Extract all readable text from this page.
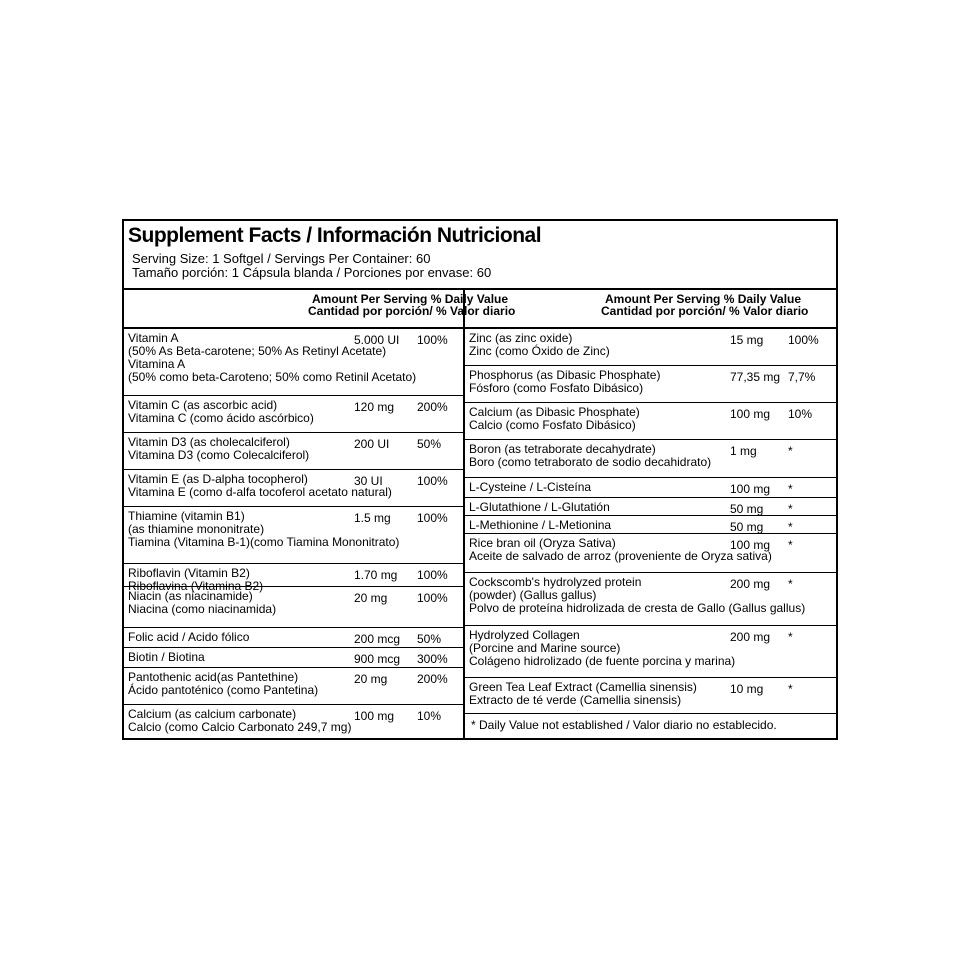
Supplement Facts / Información Nutricional
Serving Size: 1 Softgel / Servings Per Container: 60
Tamaño porción: 1 Cápsula blanda / Porciones por envase: 60
Amount Per Serving % Daily Value
Cantidad por porción/ % Valor diario
Vitamin A
(50% As Beta-carotene; 50% As Retinyl Acetate)
Vitamina A
(50% como beta-Caroteno; 50% como Retinil Acetato)
5.000 UI 100%
Vitamin C (as ascorbic acid)
Vitamina C (como ácido ascórbico)
120 mg 200%
Vitamin D3 (as cholecalciferol)
Vitamina D3 (como Colecalciferol)
200 UI 50%
Vitamin E (as D-alpha tocopherol)
Vitamina E (como d-alfa tocoferol acetato natural)
30 UI	100%
Thiamine (vitamin B1)
(as thiamine mononitrate)
Tiamina (Vitamina B-1)(como Tiamina Mononitrato)
1.5 mg 100%
Riboflavin (Vitamin B2)
Riboflavina (Vitamina B2)
1.70 mg 100%
Niacin (as niacinamide)
Niacina (como niacinamida)
20 mg 100%
Folic acid / Acido fólico	200 mcg 50%
Biotin / Biotina	900 mcg 300%
Pantothenic acid(as Pantethine)
Ácido pantoténico (como Pantetina)
20 mg 200%
Calcium (as calcium carbonate)
Calcio (como Calcio Carbonato 249,7 mg)
100 mg 10%
Amount Per Serving % Daily Value
Cantidad por porción/ % Valor diario
Zinc (as zinc oxide)
Zinc (como Óxido de Zinc)
15 mg 100%
Phosphorus (as Dibasic Phosphate)
Fósforo (como Fosfato Dibásico)
77,35 mg 7,7%
Calcium (as Dibasic Phosphate)
Calcio (como Fosfato Dibásico)
100 mg 10%
Boron (as tetraborate decahydrate)
Boro (como tetraborato de sodio decahidrato)
1 mg	*
L-Cysteine / L-Cisteína	100 mg *
L-Glutathione / L-Glutatión	50 mg *
L-Methionine / L-Metionina	50 mg *
Rice bran oil (Oryza Sativa)
Aceite de salvado de arroz (proveniente de Oryza sativa)
100 mg *
Cockscomb's hydrolyzed protein
(powder) (Gallus gallus)
Polvo de proteína hidrolizada de cresta de Gallo (Gallus gallus)
200 mg *
Hydrolyzed Collagen
(Porcine and Marine source)
Colágeno hidrolizado (de fuente porcina y marina)
200 mg *
Green Tea Leaf Extract (Camellia sinensis)
Extracto de té verde (Camellia sinensis)
10 mg *
* Daily Value not established / Valor diario no establecido.
